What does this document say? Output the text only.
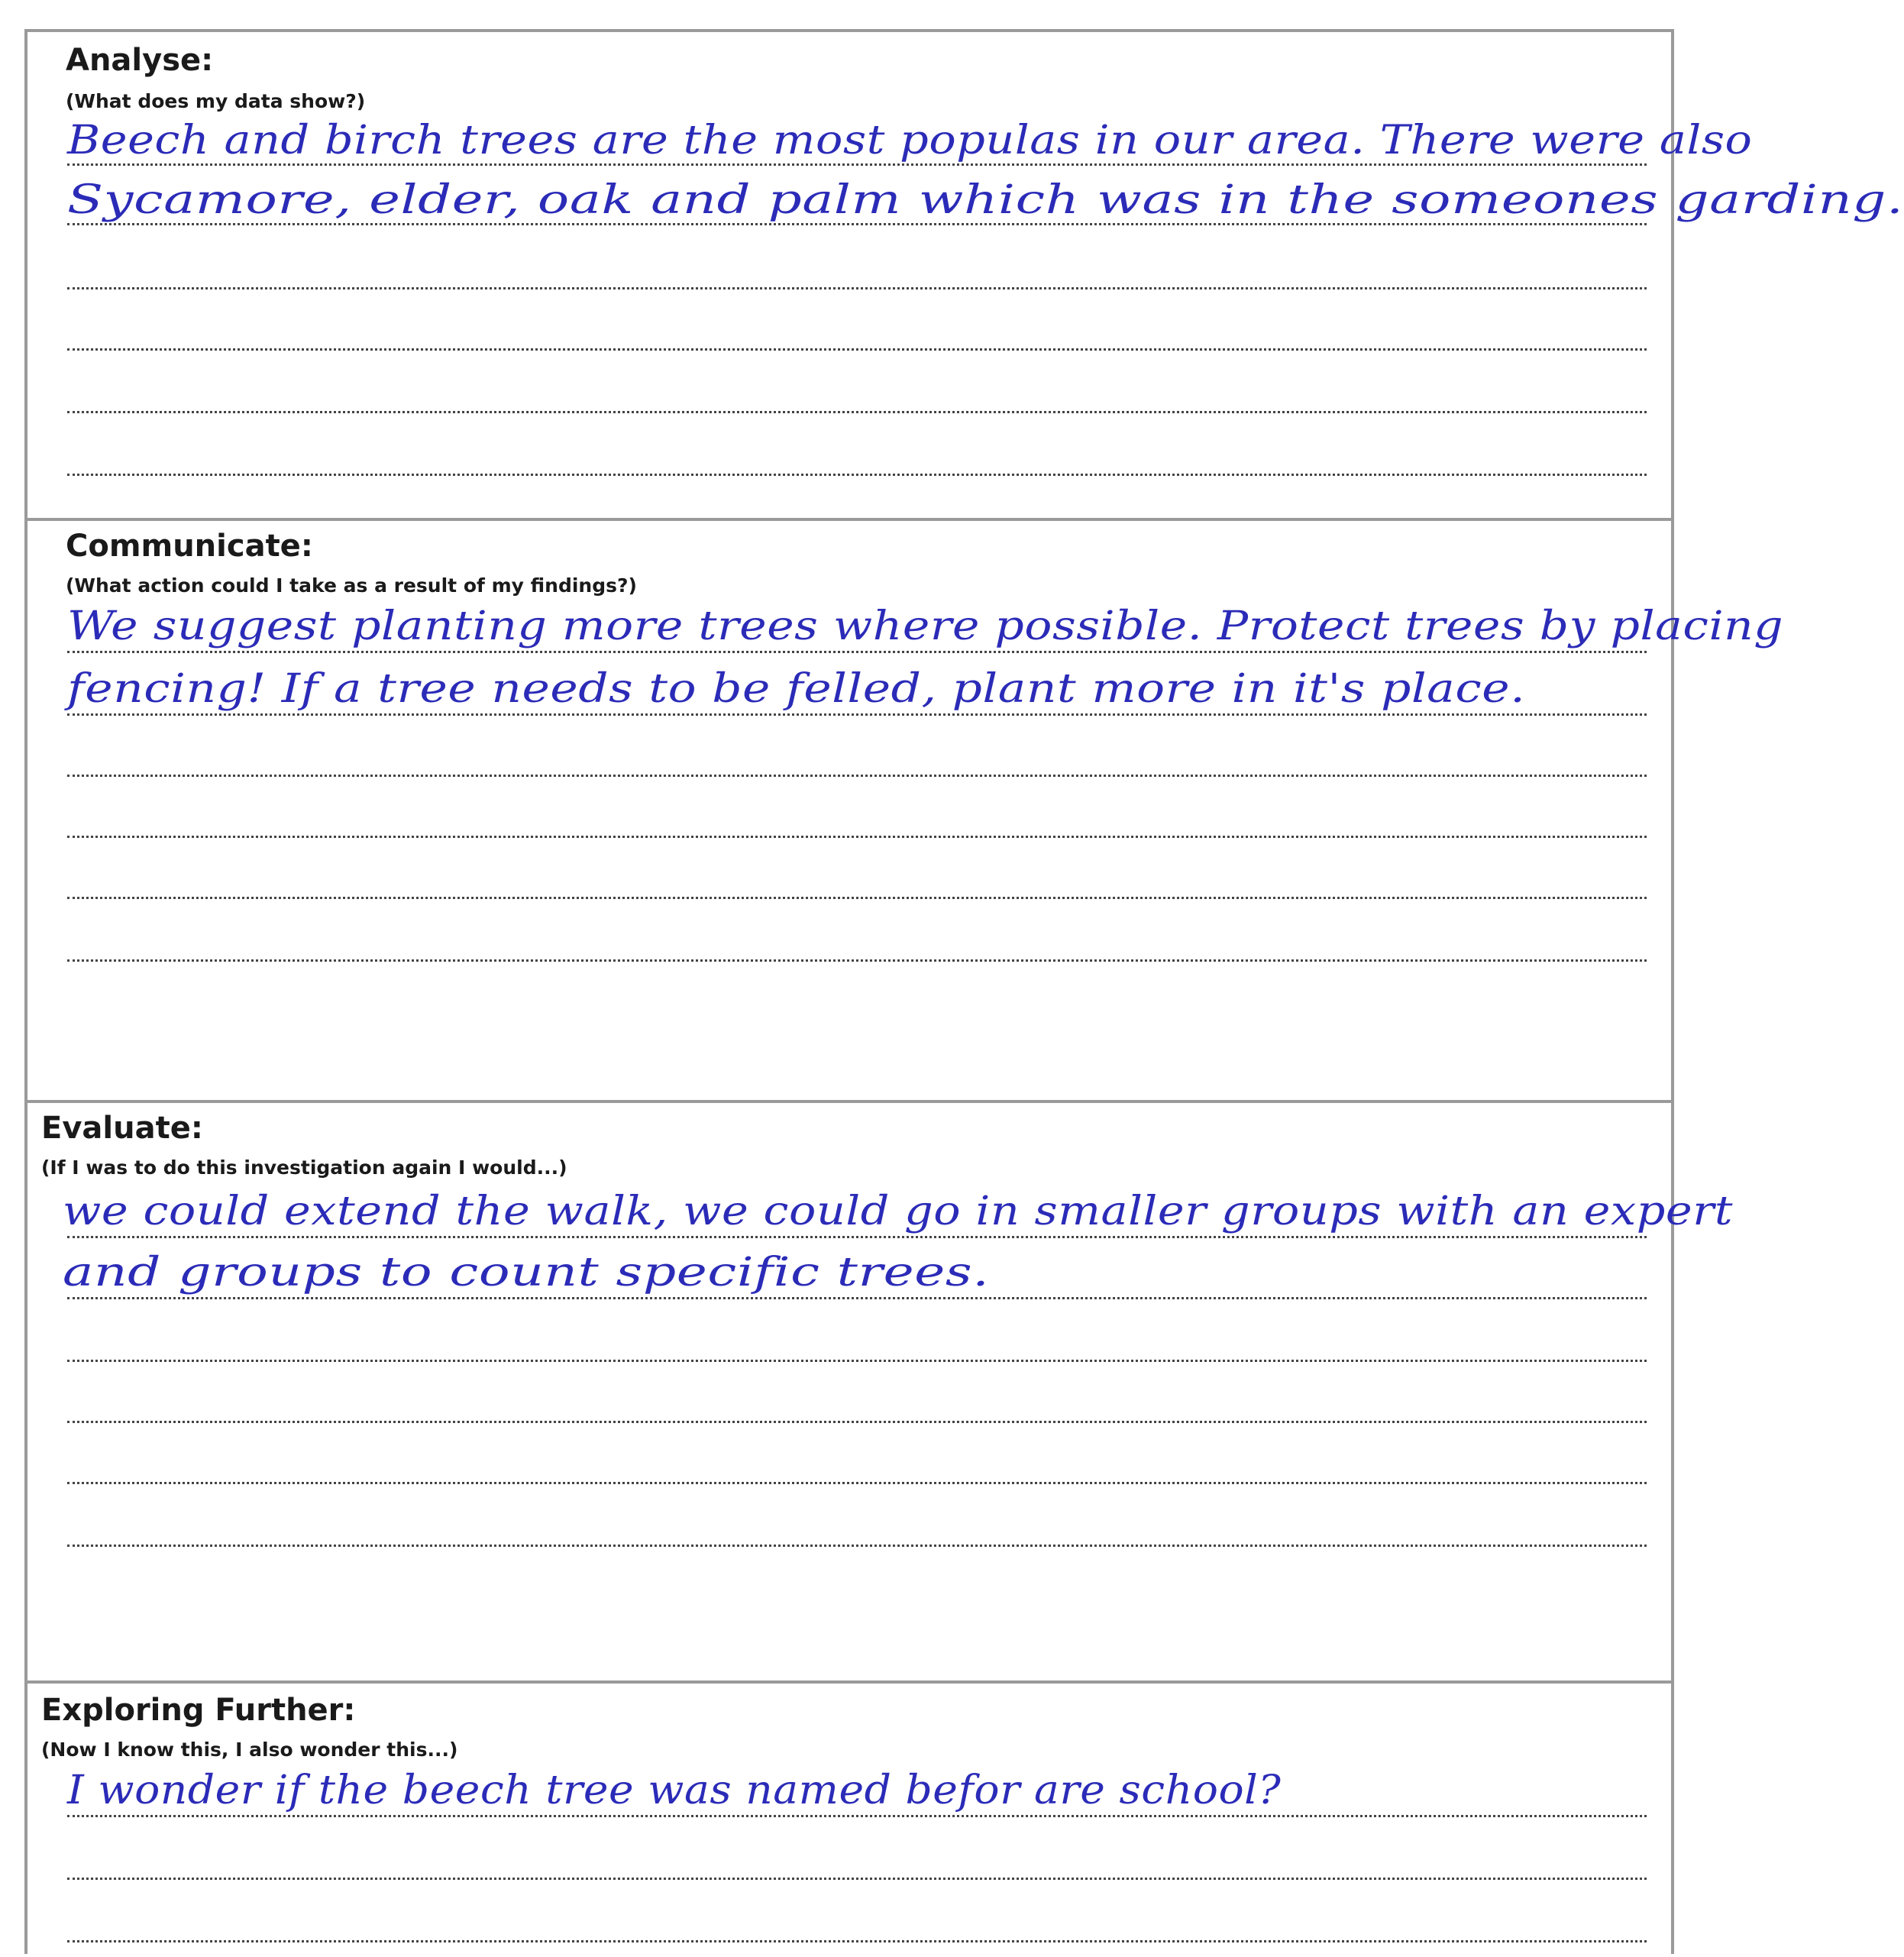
Analyse:
(What does my data show?)
Beech and birch trees are the most populas in our area. There were also
Sycamore, elder, oak and palm which was in the someones garding.
Communicate:
(What action could I take as a result of my findings?)
We suggest planting more trees where possible. Protect trees by placing
fencing! If a tree needs to be felled, plant more in it's place.
Evaluate:
(If I was to do this investigation again I would...)
we could extend the walk, we could go in smaller groups with an expert
and groups to count specific trees.
Exploring Further:
(Now I know this, I also wonder this...)
I wonder if the beech tree was named befor are school?
